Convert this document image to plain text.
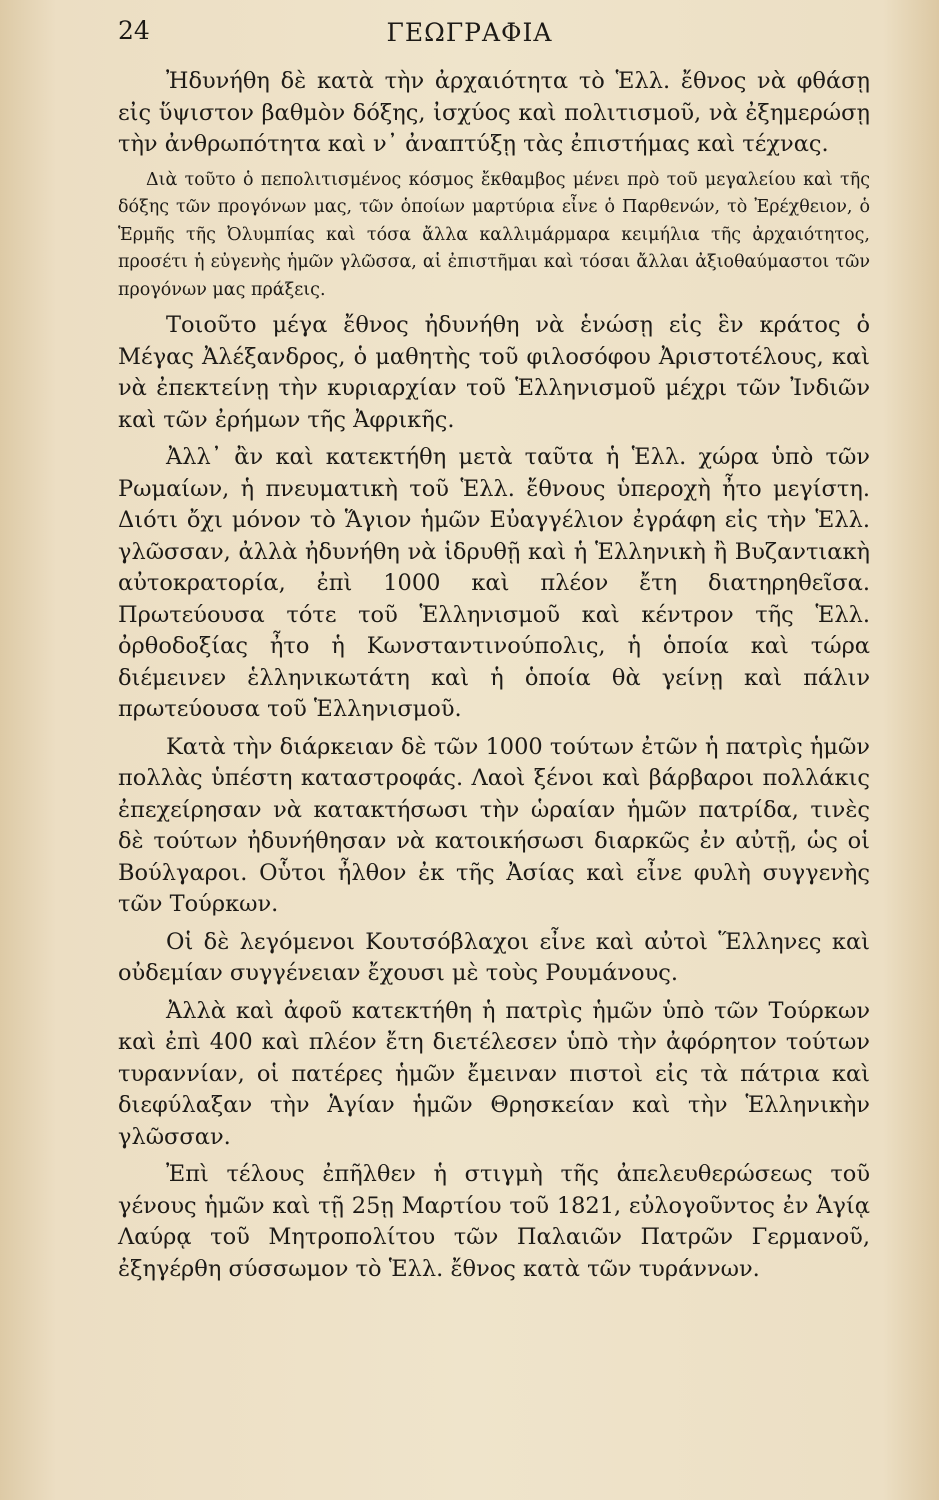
24	ΓΕΩΓΡΑΦΙΑ

Ἠδυνήθη δὲ κατὰ τὴν ἀρχαιότητα τὸ Ἑλλ. ἔθνος νὰ φθάσῃ εἰς ὕψιστον βαθμὸν δόξης, ἰσχύος καὶ πολιτισμοῦ, νὰ ἐξημερώσῃ τὴν ἀνθρωπότητα καὶ ν᾿ ἀναπτύξῃ τὰς ἐπιστήμας καὶ τέχνας.

Διὰ τοῦτο ὁ πεπολιτισμένος κόσμος ἔκθαμβος μένει πρὸ τοῦ μεγαλείου καὶ τῆς δόξης τῶν προγόνων μας, τῶν ὁποίων μαρτύρια εἶνε ὁ Παρθενών, τὸ Ἐρέχθειον, ὁ Ἑρμῆς τῆς Ὀλυμπίας καὶ τόσα ἄλλα καλλιμάρμαρα κειμήλια τῆς ἀρχαιότητος, προσέτι ἡ εὐγενὴς ἡμῶν γλῶσσα, αἱ ἐπιστῆμαι καὶ τόσαι ἄλλαι ἀξιοθαύμαστοι τῶν προγόνων μας πράξεις.

Τοιοῦτο μέγα ἔθνος ἠδυνήθη νὰ ἑνώσῃ εἰς ἓν κράτος ὁ Μέγας Ἀλέξανδρος, ὁ μαθητὴς τοῦ φιλοσόφου Ἀριστοτέλους, καὶ νὰ ἐπεκτείνῃ τὴν κυριαρχίαν τοῦ Ἑλληνισμοῦ μέχρι τῶν Ἰνδιῶν καὶ τῶν ἐρήμων τῆς Ἀφρικῆς.

Ἀλλ᾿ ἂν καὶ κατεκτήθη μετὰ ταῦτα ἡ Ἑλλ. χώρα ὑπὸ τῶν Ρωμαίων, ἡ πνευματικὴ τοῦ Ἑλλ. ἔθνους ὑπεροχὴ ἦτο μεγίστη. Διότι ὄχι μόνον τὸ Ἅγιον ἡμῶν Εὐαγγέλιον ἐγράφη εἰς τὴν Ἑλλ. γλῶσσαν, ἀλλὰ ἠδυνήθη νὰ ἱδρυθῇ καὶ ἡ Ἑλληνικὴ ἢ Βυζαντιακὴ αὐτοκρατορία, ἐπὶ 1000 καὶ πλέον ἔτη διατηρηθεῖσα. Πρωτεύουσα τότε τοῦ Ἑλληνισμοῦ καὶ κέντρον τῆς Ἑλλ. ὀρθοδοξίας ἦτο ἡ Κωνσταντινούπολις, ἡ ὁποία καὶ τώρα διέμεινεν ἑλληνικωτάτη καὶ ἡ ὁποία θὰ γείνῃ καὶ πάλιν πρωτεύουσα τοῦ Ἑλληνισμοῦ.

Κατὰ τὴν διάρκειαν δὲ τῶν 1000 τούτων ἐτῶν ἡ πατρὶς ἡμῶν πολλὰς ὑπέστη καταστροφάς. Λαοὶ ξένοι καὶ βάρβαροι πολλάκις ἐπεχείρησαν νὰ κατακτήσωσι τὴν ὡραίαν ἡμῶν πατρίδα, τινὲς δὲ τούτων ἠδυνήθησαν νὰ κατοικήσωσι διαρκῶς ἐν αὐτῇ, ὡς οἱ Βούλγαροι. Οὗτοι ἦλθον ἐκ τῆς Ἀσίας καὶ εἶνε φυλὴ συγγενὴς τῶν Τούρκων.

Οἱ δὲ λεγόμενοι Κουτσόβλαχοι εἶνε καὶ αὐτοὶ Ἕλληνες καὶ οὐδεμίαν συγγένειαν ἔχουσι μὲ τοὺς Ρουμάνους.

Ἀλλὰ καὶ ἀφοῦ κατεκτήθη ἡ πατρὶς ἡμῶν ὑπὸ τῶν Τούρκων καὶ ἐπὶ 400 καὶ πλέον ἔτη διετέλεσεν ὑπὸ τὴν ἀφόρητον τούτων τυραννίαν, οἱ πατέρες ἡμῶν ἔμειναν πιστοὶ εἰς τὰ πάτρια καὶ διεφύλαξαν τὴν Ἁγίαν ἡμῶν Θρησκείαν καὶ τὴν Ἑλληνικὴν γλῶσσαν.

Ἐπὶ τέλους ἐπῆλθεν ἡ στιγμὴ τῆς ἀπελευθερώσεως τοῦ γένους ἡμῶν καὶ τῇ 25ῃ Μαρτίου τοῦ 1821, εὐλογοῦντος ἐν Ἁγίᾳ Λαύρᾳ τοῦ Μητροπολίτου τῶν Παλαιῶν Πατρῶν Γερμανοῦ, ἐξηγέρθη σύσσωμον τὸ Ἑλλ. ἔθνος κατὰ τῶν τυράννων.
